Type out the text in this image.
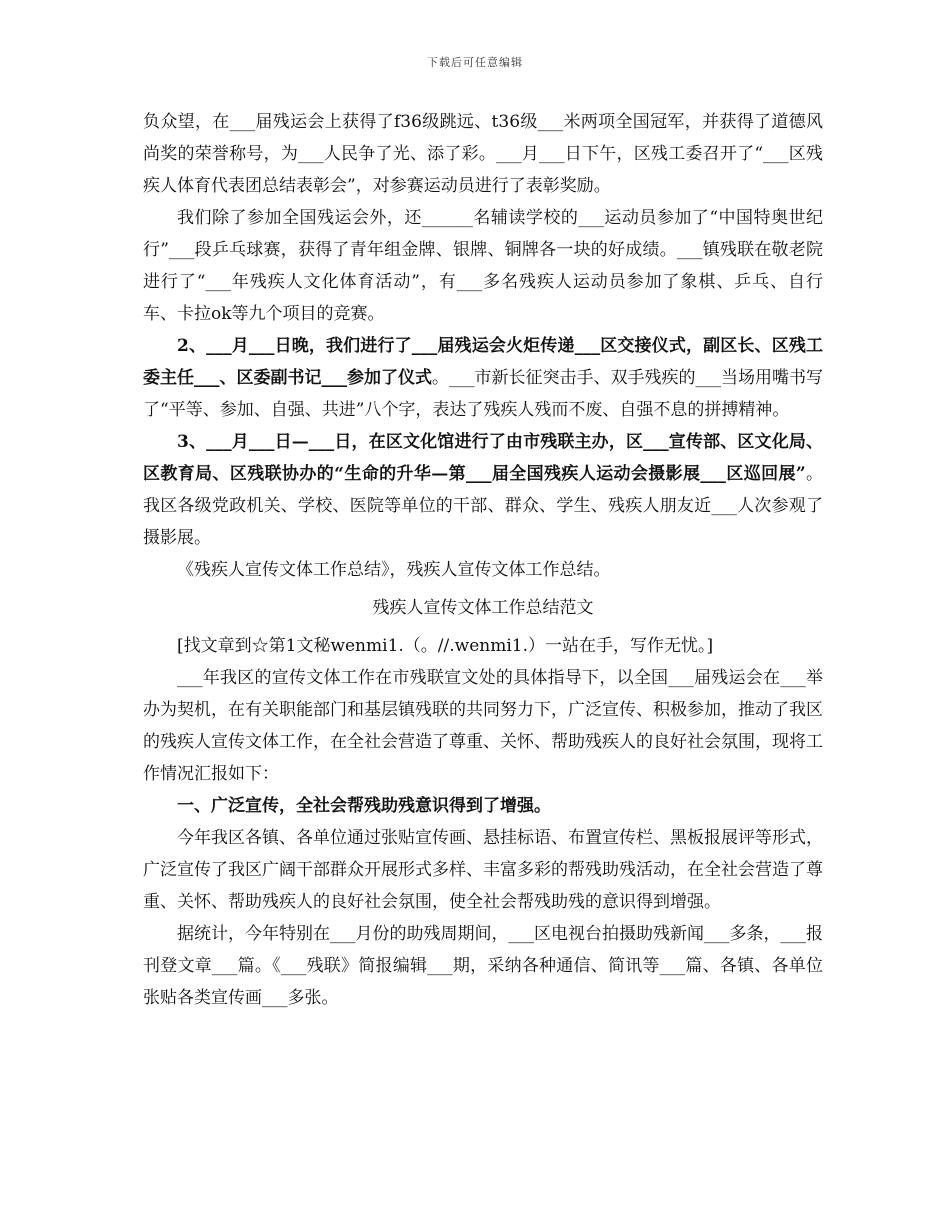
下载后可任意编辑

负众望，在___届残运会上获得了f36级跳远、t36级___米两项全国冠军，并获得了道德风尚奖的荣誉称号，为___人民争了光、添了彩。___月___日下午，区残工委召开了“___区残疾人体育代表团总结表彰会”，对参赛运动员进行了表彰奖励。

我们除了参加全国残运会外，还______名辅读学校的___运动员参加了“中国特奥世纪行”___段乒乓球赛，获得了青年组金牌、银牌、铜牌各一块的好成绩。___镇残联在敬老院进行了“___年残疾人文化体育活动”，有___多名残疾人运动员参加了象棋、乒乓、自行车、卡拉ok等九个项目的竞赛。

2、___月___日晚，我们进行了___届残运会火炬传递___区交接仪式，副区长、区残工委主任___、区委副书记___参加了仪式。___市新长征突击手、双手残疾的___当场用嘴书写了“平等、参加、自强、共进”八个字，表达了残疾人残而不废、自强不息的拼搏精神。

3、___月___日—___日，在区文化馆进行了由市残联主办，区___宣传部、区文化局、区教育局、区残联协办的“生命的升华—第___届全国残疾人运动会摄影展___区巡回展”。我区各级党政机关、学校、医院等单位的干部、群众、学生、残疾人朋友近___人次参观了摄影展。

《残疾人宣传文体工作总结》，残疾人宣传文体工作总结。

残疾人宣传文体工作总结范文

[找文章到☆第1文秘wenmi1.（。//.wenmi1.）一站在手，写作无忧。]

___年我区的宣传文体工作在市残联宣文处的具体指导下，以全国___届残运会在___举办为契机，在有关职能部门和基层镇残联的共同努力下，广泛宣传、积极参加，推动了我区的残疾人宣传文体工作，在全社会营造了尊重、关怀、帮助残疾人的良好社会氛围，现将工作情况汇报如下：

一、广泛宣传，全社会帮残助残意识得到了增强。

今年我区各镇、各单位通过张贴宣传画、悬挂标语、布置宣传栏、黑板报展评等形式，广泛宣传了我区广阔干部群众开展形式多样、丰富多彩的帮残助残活动，在全社会营造了尊重、关怀、帮助残疾人的良好社会氛围，使全社会帮残助残的意识得到增强。

据统计，今年特别在___月份的助残周期间，___区电视台拍摄助残新闻___多条，___报刊登文章___篇。《___残联》简报编辑___期，采纳各种通信、简讯等___篇、各镇、各单位张贴各类宣传画___多张。
